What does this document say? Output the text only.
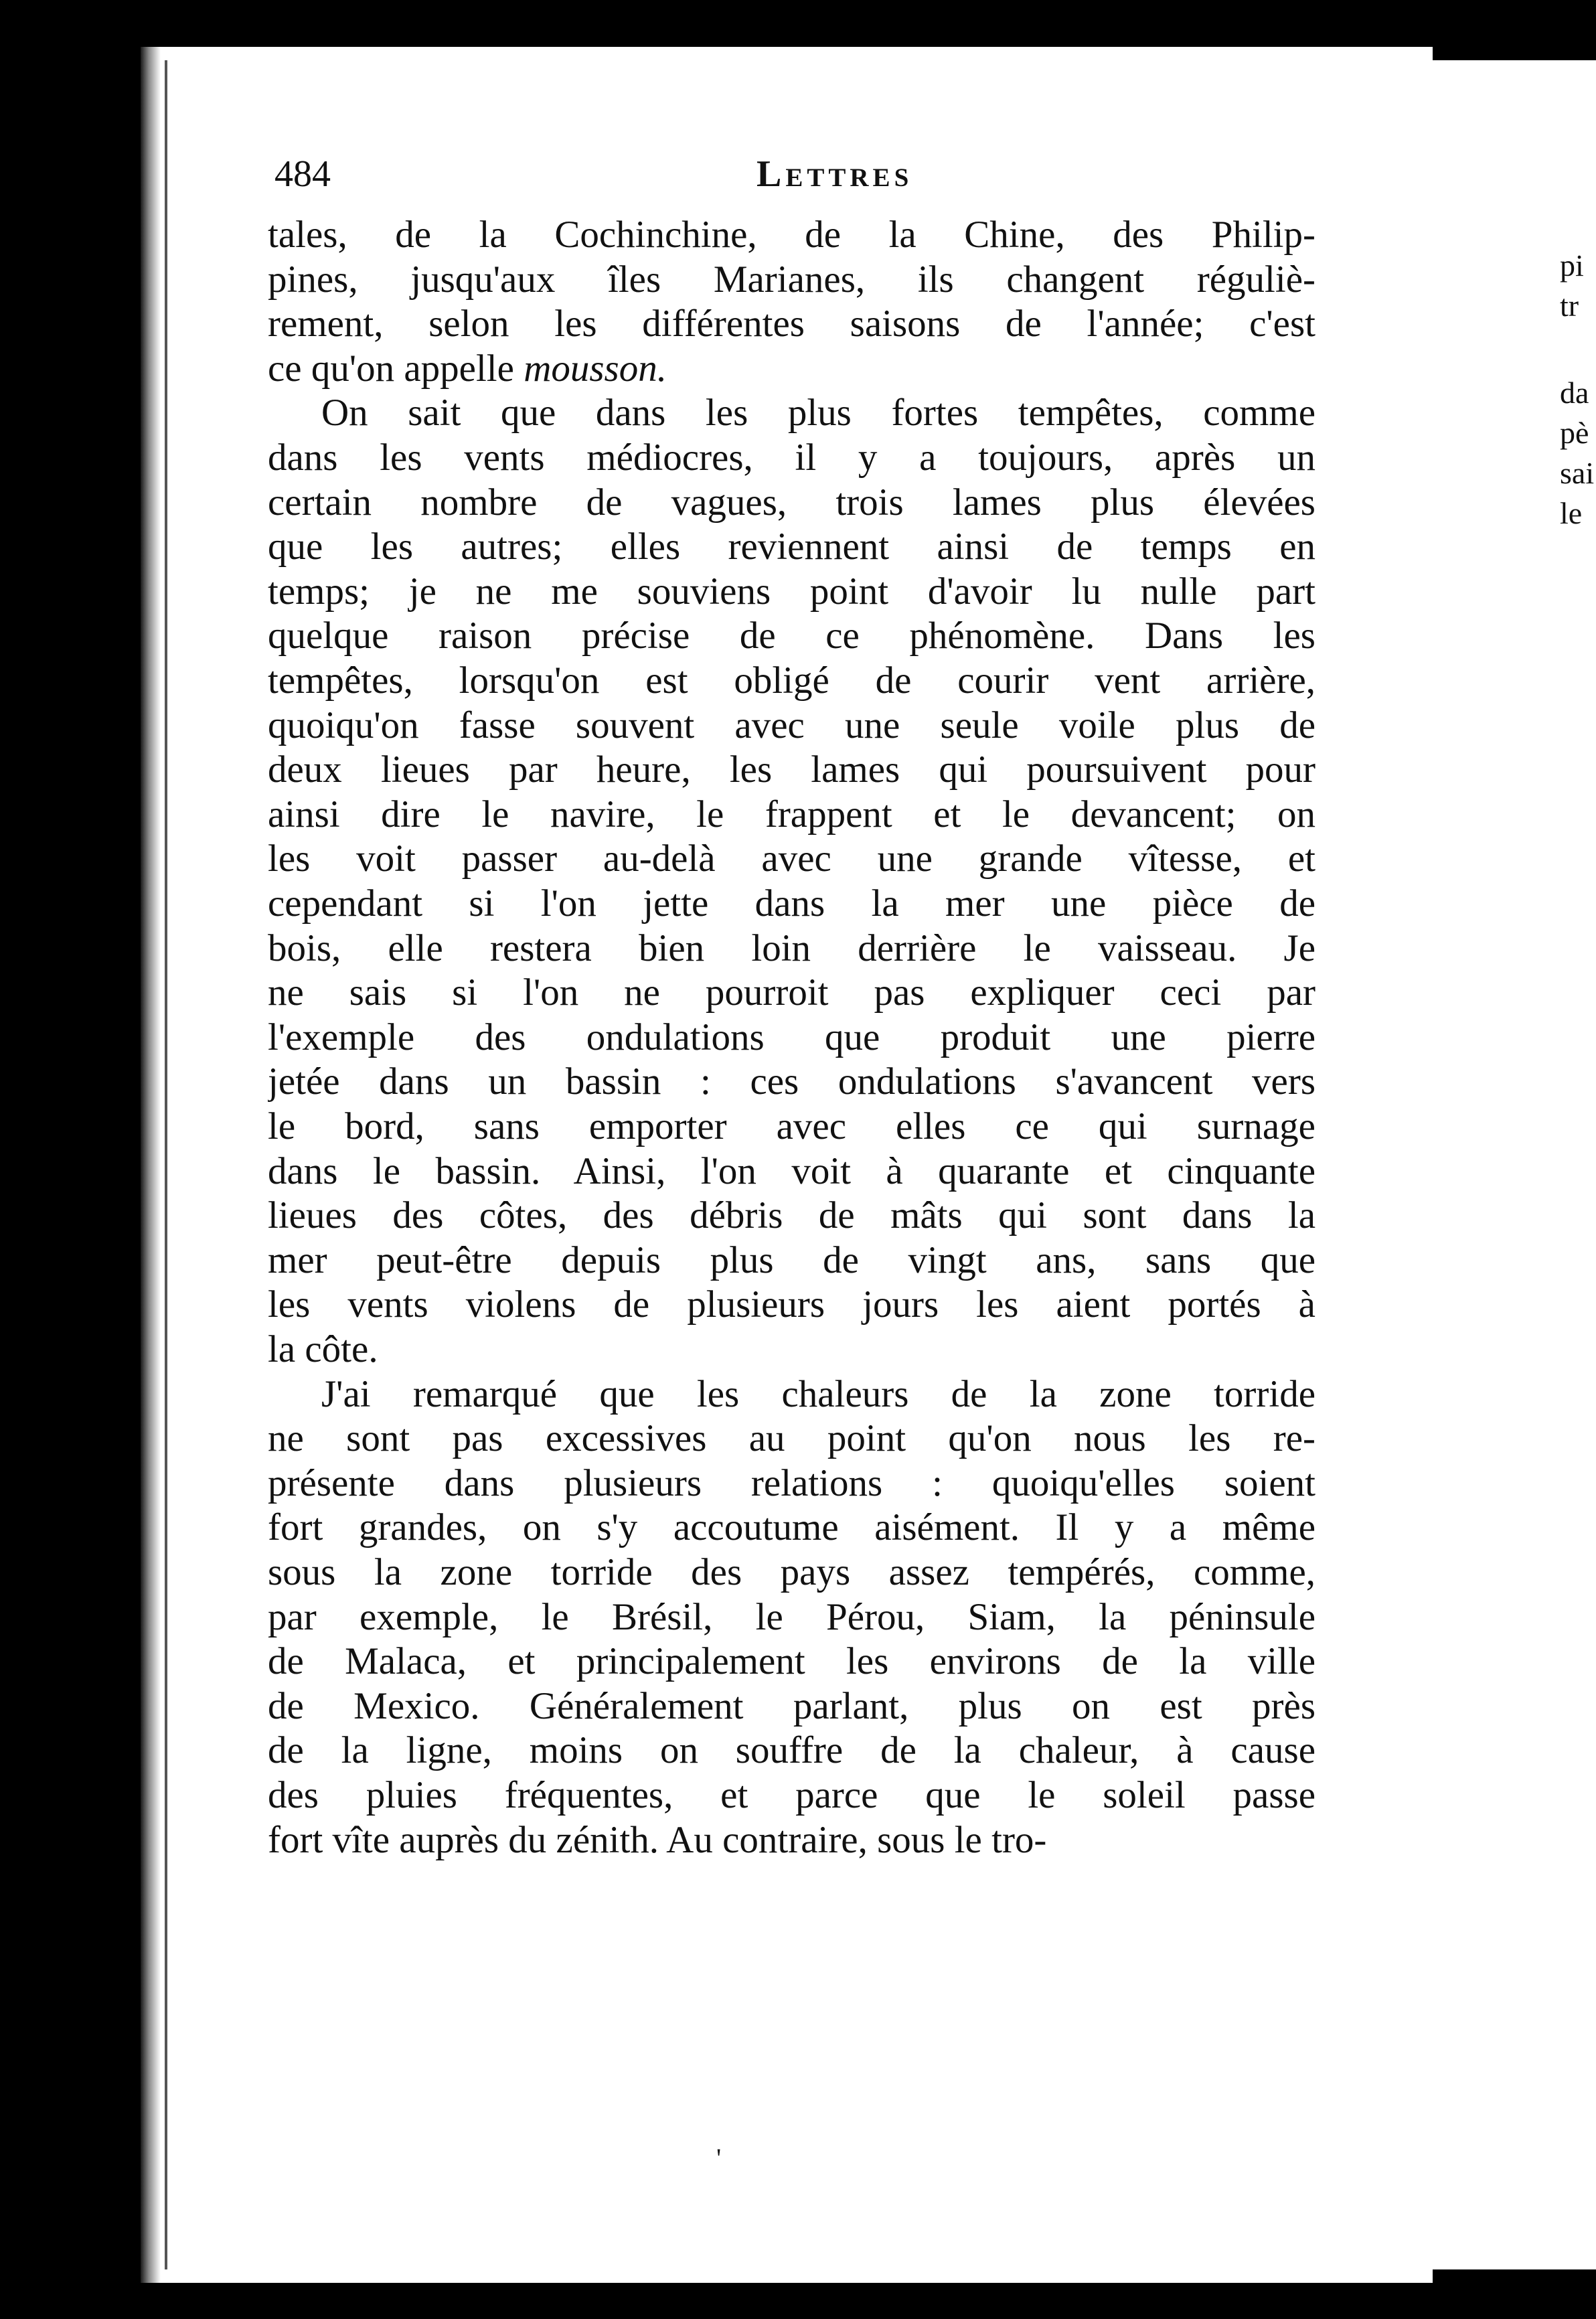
pi
tr
da
pè
sai
le
484	Lettres
tales, de la Cochinchine, de la Chine, des Philip-
pines, jusqu'aux îles Marianes, ils changent réguliè-
rement, selon les différentes saisons de l'année; c'est
ce qu'on appelle mousson.
On sait que dans les plus fortes tempêtes, comme
dans les vents médiocres, il y a toujours, après un
certain nombre de vagues, trois lames plus élevées
que les autres; elles reviennent ainsi de temps en
temps; je ne me souviens point d'avoir lu nulle part
quelque raison précise de ce phénomène. Dans les
tempêtes, lorsqu'on est obligé de courir vent arrière,
quoiqu'on fasse souvent avec une seule voile plus de
deux lieues par heure, les lames qui poursuivent pour
ainsi dire le navire, le frappent et le devancent; on
les voit passer au-delà avec une grande vîtesse, et
cependant si l'on jette dans la mer une pièce de
bois, elle restera bien loin derrière le vaisseau. Je
ne sais si l'on ne pourroit pas expliquer ceci par
l'exemple des ondulations que produit une pierre
jetée dans un bassin : ces ondulations s'avancent vers
le bord, sans emporter avec elles ce qui surnage
dans le bassin. Ainsi, l'on voit à quarante et cinquante
lieues des côtes, des débris de mâts qui sont dans la
mer peut-être depuis plus de vingt ans, sans que
les vents violens de plusieurs jours les aient portés à
la côte.
J'ai remarqué que les chaleurs de la zone torride
ne sont pas excessives au point qu'on nous les re-
présente dans plusieurs relations : quoiqu'elles soient
fort grandes, on s'y accoutume aisément. Il y a même
sous la zone torride des pays assez tempérés, comme,
par exemple, le Brésil, le Pérou, Siam, la péninsule
de Malaca, et principalement les environs de la ville
de Mexico. Généralement parlant, plus on est près
de la ligne, moins on souffre de la chaleur, à cause
des pluies fréquentes, et parce que le soleil passe
fort vîte auprès du zénith. Au contraire, sous le tro-
'
